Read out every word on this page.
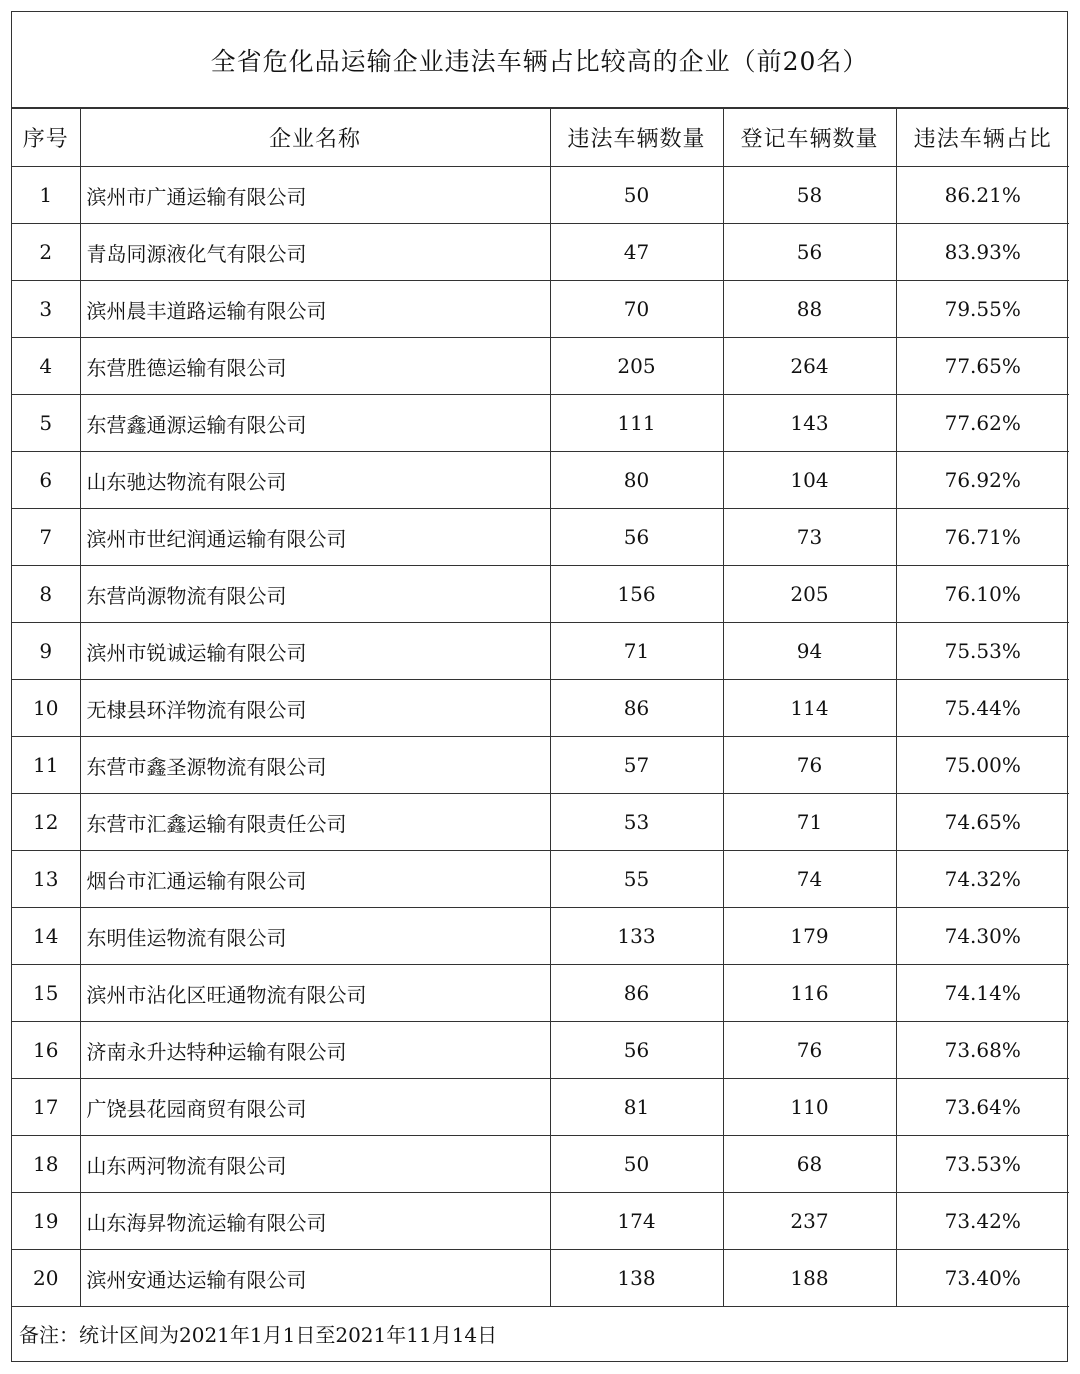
全省危化品运输企业违法车辆占比较高的企业（前20名）
序号	企业名称	违法车辆数量	登记车辆数量	违法车辆占比
1	滨州市广通运输有限公司	50	58	86.21%
2	青岛同源液化气有限公司	47	56	83.93%
3	滨州晨丰道路运输有限公司	70	88	79.55%
4	东营胜德运输有限公司	205	264	77.65%
5	东营鑫通源运输有限公司	111	143	77.62%
6	山东驰达物流有限公司	80	104	76.92%
7	滨州市世纪润通运输有限公司	56	73	76.71%
8	东营尚源物流有限公司	156	205	76.10%
9	滨州市锐诚运输有限公司	71	94	75.53%
10	无棣县环洋物流有限公司	86	114	75.44%
11	东营市鑫圣源物流有限公司	57	76	75.00%
12	东营市汇鑫运输有限责任公司	53	71	74.65%
13	烟台市汇通运输有限公司	55	74	74.32%
14	东明佳运物流有限公司	133	179	74.30%
15	滨州市沾化区旺通物流有限公司	86	116	74.14%
16	济南永升达特种运输有限公司	56	76	73.68%
17	广饶县花园商贸有限公司	81	110	73.64%
18	山东两河物流有限公司	50	68	73.53%
19	山东海昇物流运输有限公司	174	237	73.42%
20	滨州安通达运输有限公司	138	188	73.40%
备注：统计区间为2021年1月1日至2021年11月14日
